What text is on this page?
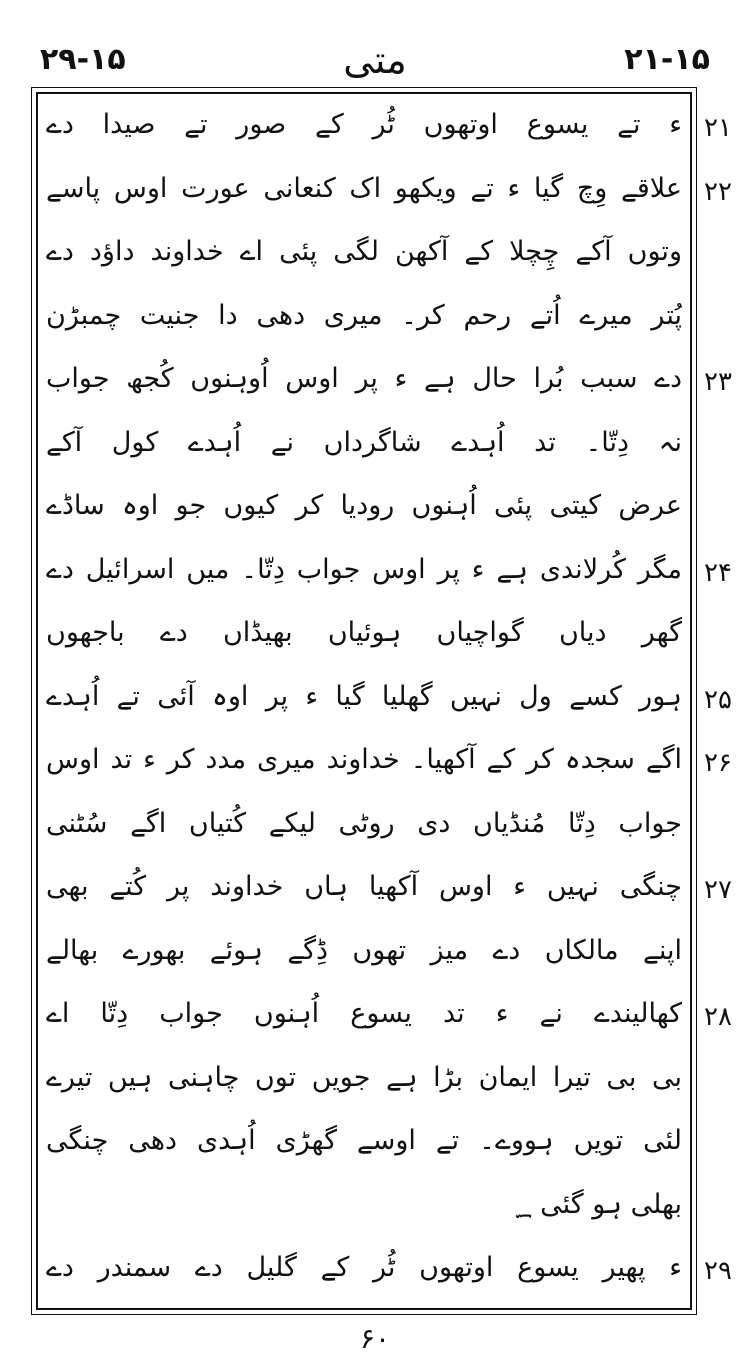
۲۹-۱۵	متی	۲۱-۱۵
ء تے یسوع اوتھوں ٹُر کے صور تے صیدا دے
علاقے وِچ گیا ء تے ویکھو اک کنعانی عورت اوس پاسے
وتوں آکے چِچلا کے آکھن لگی پئی اے خداوند داؤد دے
پُتر میرے اُتے رحم کر۔ میری دھی دا جنیت چمبڑن
دے سبب بُرا حال ہے ء پر اوس اُوہنوں کُجھ جواب
نہ دِتّا۔ تد اُہدے شاگرداں نے اُہدے کول آکے
عرض کیتی پئی اُہنوں رودیا کر کیوں جو اوہ ساڈے
مگر کُرلاندی ہے ء پر اوس جواب دِتّا۔ میں اسرائیل دے
گھر دیاں گواچیاں ہوئیاں بھیڈاں دے باجھوں
ہور کسے ول نہیں گھلیا گیا ء پر اوہ آئی تے اُہدے
اگے سجدہ کر کے آکھیا۔ خداوند میری مدد کر ء تد اوس
جواب دِتّا مُنڈیاں دی روٹی لیکے کُتیاں اگے سُٹنی
چنگی نہیں ء اوس آکھیا ہاں خداوند پر کُتے بھی
اپنے مالکاں دے میز تھوں ڈِگے ہوئے بھورے بھالے
کھالیندے نے ء تد یسوع اُہنوں جواب دِتّا اے
بی بی تیرا ایمان بڑا ہے جویں توں چاہنی ہیں تیرے
لئی تویں ہووے۔ تے اوسے گھڑی اُہدی دھی چنگی
بھلی ہو گئی ؁
ء پھیر یسوع اوتھوں ٹُر کے گلیل دے سمندر دے
۲۱
۲۲
۲۳
۲۴
۲۵
۲۶
۲۷
۲۸
۲۹
۶۰
